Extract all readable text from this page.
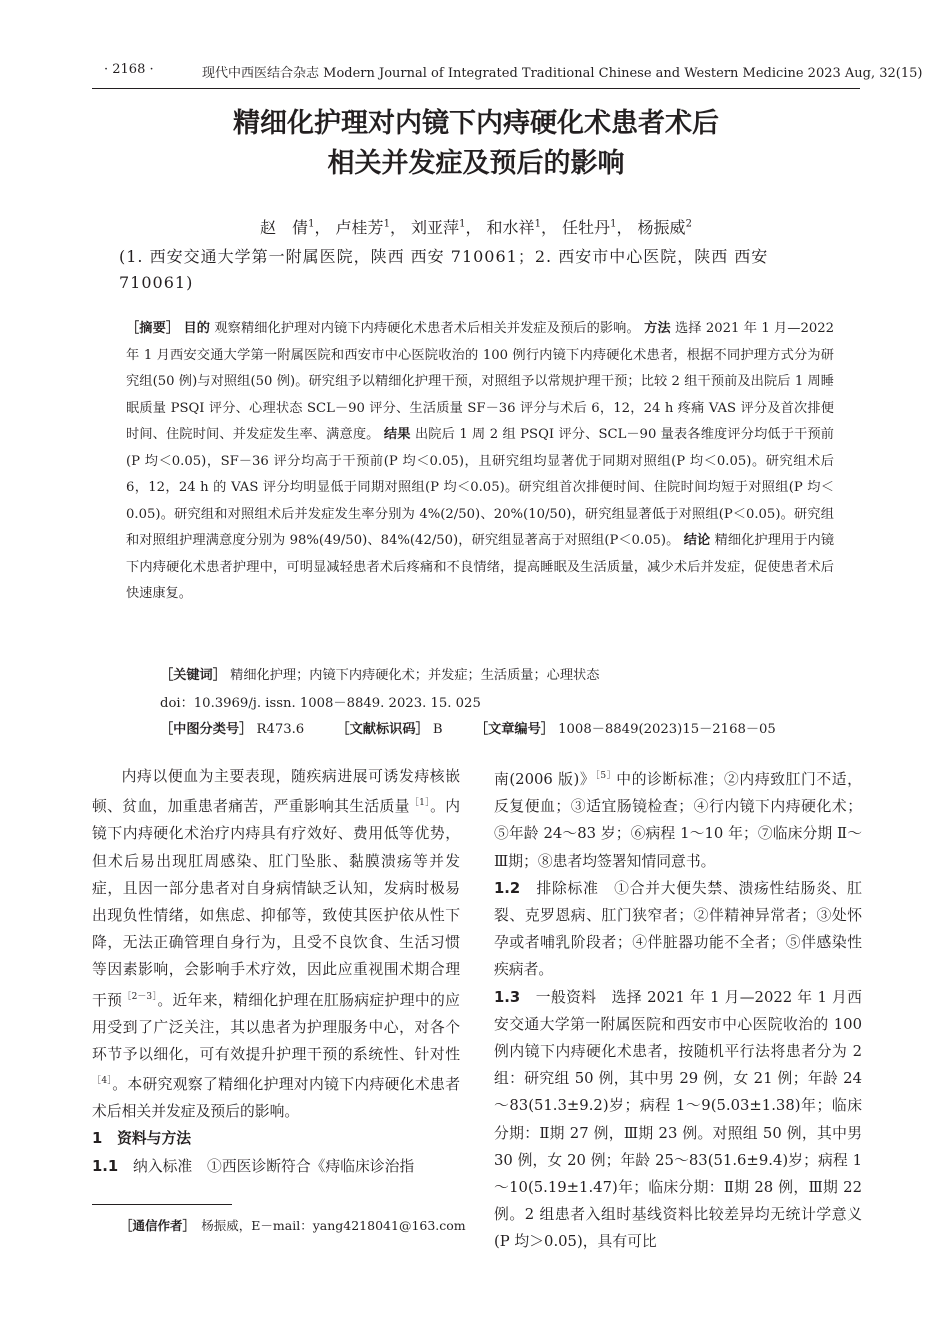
· 2168 ·	现代中西医结合杂志 Modern Journal of Integrated Traditional Chinese and Western Medicine 2023 Aug, 32(15)
精细化护理对内镜下内痔硬化术患者术后
相关并发症及预后的影响
赵　倩$^1$， 卢桂芳$^1$， 刘亚萍$^1$， 和水祥$^1$， 任牡丹$^1$， 杨振威$^2$
(1. 西安交通大学第一附属医院，陕西 西安 710061；2. 西安市中心医院，陕西 西安 710061)
［摘要］ 目的 观察精细化护理对内镜下内痔硬化术患者术后相关并发症及预后的影响。 方法 选择 2021 年 1 月—2022 年 1 月西安交通大学第一附属医院和西安市中心医院收治的 100 例行内镜下内痔硬化术患者，根据不同护理方式分为研究组(50 例)与对照组(50 例)。研究组予以精细化护理干预，对照组予以常规护理干预；比较 2 组干预前及出院后 1 周睡眠质量 PSQI 评分、心理状态 SCL－90 评分、生活质量 SF－36 评分与术后 6，12，24 h 疼痛 VAS 评分及首次排便时间、住院时间、并发症发生率、满意度。 结果 出院后 1 周 2 组 PSQI 评分、SCL－90 量表各维度评分均低于干预前(P 均＜0.05)，SF－36 评分均高于干预前(P 均＜0.05)，且研究组均显著优于同期对照组(P 均＜0.05)。研究组术后 6，12，24 h 的 VAS 评分均明显低于同期对照组(P 均＜0.05)。研究组首次排便时间、住院时间均短于对照组(P 均＜0.05)。研究组和对照组术后并发症发生率分别为 4%(2/50)、20%(10/50)，研究组显著低于对照组(P＜0.05)。研究组和对照组护理满意度分别为 98%(49/50)、84%(42/50)，研究组显著高于对照组(P＜0.05)。 结论 精细化护理用于内镜下内痔硬化术患者护理中，可明显减轻患者术后疼痛和不良情绪，提高睡眠及生活质量，减少术后并发症，促使患者术后快速康复。
［关键词］ 精细化护理；内镜下内痔硬化术；并发症；生活质量；心理状态
doi：10.3969/j. issn. 1008－8849. 2023. 15. 025
［中图分类号］ R473.6 ［文献标识码］ B ［文章编号］ 1008－8849(2023)15－2168－05

内痔以便血为主要表现，随疾病进展可诱发痔核嵌顿、贫血，加重患者痛苦，严重影响其生活质量$^{[1]}$。内镜下内痔硬化术治疗内痔具有疗效好、费用低等优势，但术后易出现肛周感染、肛门坠胀、黏膜溃疡等并发症，且因一部分患者对自身病情缺乏认知，发病时极易出现负性情绪，如焦虑、抑郁等，致使其医护依从性下降，无法正确管理自身行为，且受不良饮食、生活习惯等因素影响，会影响手术疗效，因此应重视围术期合理干预$^{[2-3]}$。近年来，精细化护理在肛肠病症护理中的应用受到了广泛关注，其以患者为护理服务中心，对各个环节予以细化，可有效提升护理干预的系统性、针对性$^{[4]}$。本研究观察了精细化护理对内镜下内痔硬化术患者术后相关并发症及预后的影响。

1　资料与方法

1.1　纳入标准　 ①西医诊断符合《痔临床诊治指

南(2006 版)》$^{[5]}$中的诊断标准；②内痔致肛门不适，反复便血；③适宜肠镜检查；④行内镜下内痔硬化术；⑤年龄 24～83 岁；⑥病程 1～10 年；⑦临床分期 Ⅱ～Ⅲ期；⑧患者均签署知情同意书。

1.2　排除标准　 ①合并大便失禁、溃疡性结肠炎、肛裂、克罗恩病、肛门狭窄者；②伴精神异常者；③处怀孕或者哺乳阶段者；④伴脏器功能不全者；⑤伴感染性疾病者。

1.3　一般资料　 选择 2021 年 1 月—2022 年 1 月西安交通大学第一附属医院和西安市中心医院收治的 100 例内镜下内痔硬化术患者，按随机平行法将患者分为 2 组：研究组 50 例，其中男 29 例，女 21 例；年龄 24～83(51.3±9.2)岁；病程 1～9(5.03±1.38)年；临床分期：Ⅱ期 27 例，Ⅲ期 23 例。对照组 50 例，其中男 30 例，女 20 例；年龄 25～83(51.6±9.4)岁；病程 1～10(5.19±1.47)年；临床分期：Ⅱ期 28 例，Ⅲ期 22 例。2 组患者入组时基线资料比较差异均无统计学意义(P 均＞0.05)，具有可比

［通信作者］　 杨振威，E－mail：yang4218041@163.com
